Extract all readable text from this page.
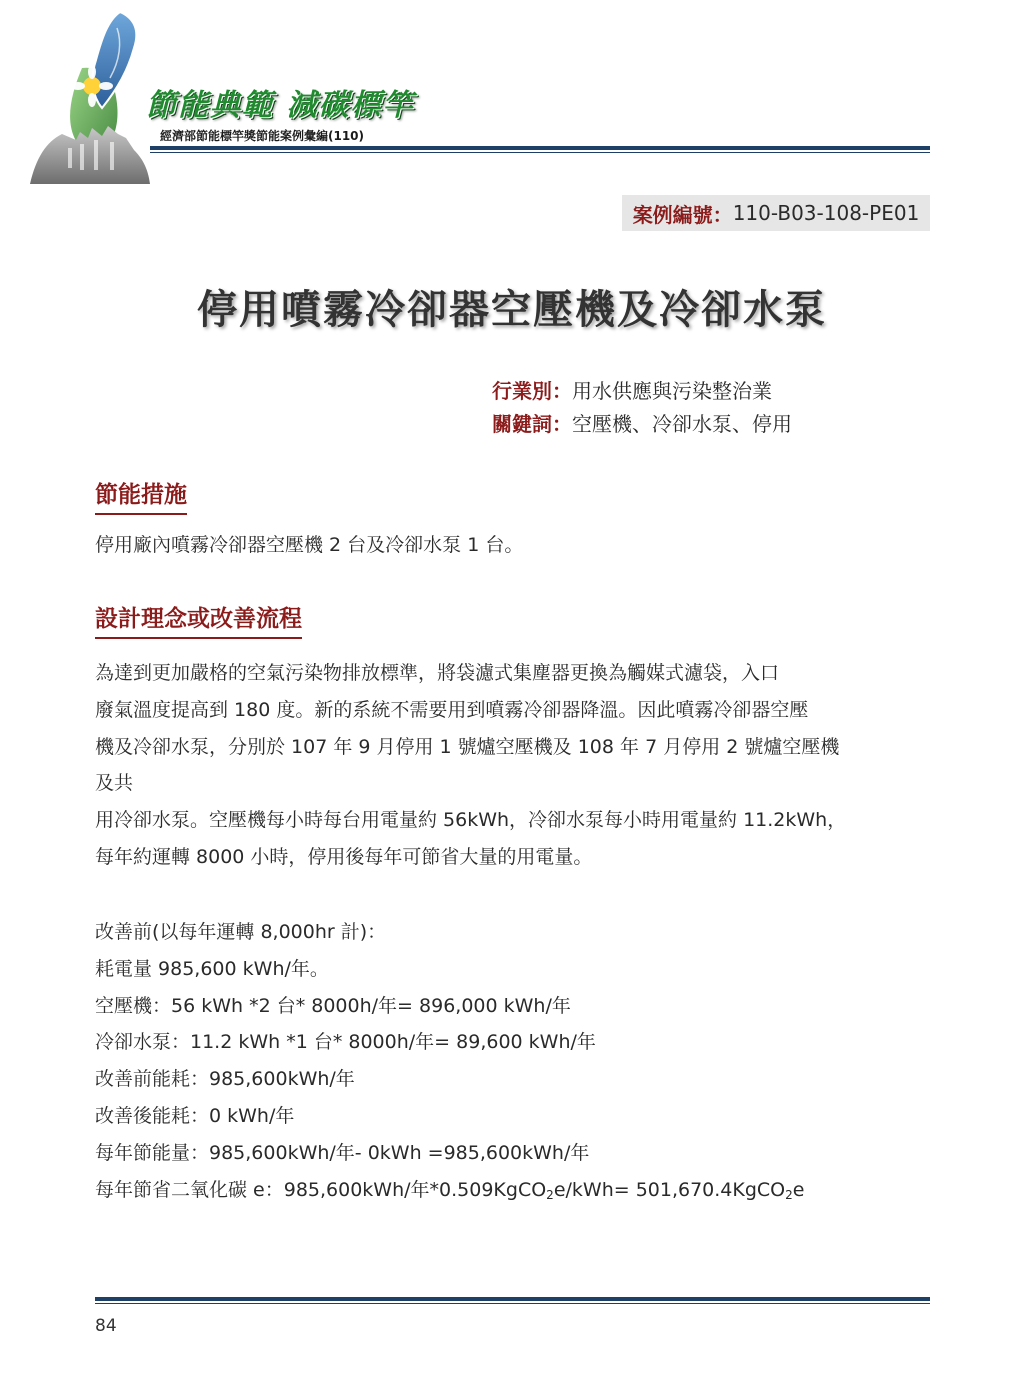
節能典範 減碳標竿
經濟部節能標竿獎節能案例彙編(110)
案例編號： 110-B03-108-PE01
停用噴霧冷卻器空壓機及冷卻水泵
行業別：用水供應與污染整治業
關鍵詞：空壓機、冷卻水泵、停用
節能措施
停用廠內噴霧冷卻器空壓機 2 台及冷卻水泵 1 台。
設計理念或改善流程
為達到更加嚴格的空氣污染物排放標準，將袋濾式集塵器更換為觸媒式濾袋，入口
廢氣溫度提高到 180 度。新的系統不需要用到噴霧冷卻器降溫。因此噴霧冷卻器空壓
機及冷卻水泵，分別於 107 年 9 月停用 1 號爐空壓機及 108 年 7 月停用 2 號爐空壓機
及共
用冷卻水泵。空壓機每小時每台用電量約 56kWh，冷卻水泵每小時用電量約 11.2kWh，
每年約運轉 8000 小時，停用後每年可節省大量的用電量。
改善前(以每年運轉 8,000hr 計)：
耗電量 985,600 kWh/年。
空壓機：56 kWh *2 台* 8000h/年= 896,000 kWh/年
冷卻水泵：11.2 kWh *1 台* 8000h/年= 89,600 kWh/年
改善前能耗：985,600kWh/年
改善後能耗：0 kWh/年
每年節能量：985,600kWh/年- 0kWh =985,600kWh/年
每年節省二氧化碳 e：985,600kWh/年*0.509KgCO$_2$e/kWh= 501,670.4KgCO$_2$e
84
